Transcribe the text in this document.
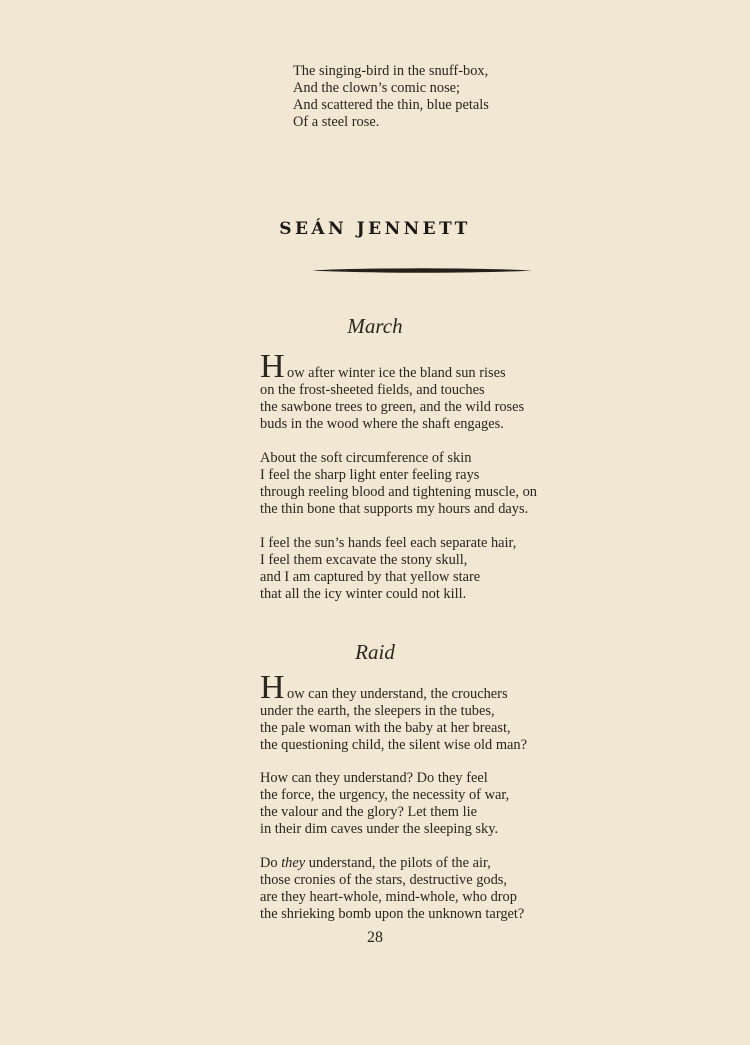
The singing-bird in the snuff-box,
And the clown’s comic nose;
And scattered the thin, blue petals
Of a steel rose.
SEÁN JENNETT
March
H ow after winter ice the bland sun rises
on the frost-sheeted fields, and touches
the sawbone trees to green, and the wild roses
buds in the wood where the shaft engages.
About the soft circumference of skin
I feel the sharp light enter feeling rays
through reeling blood and tightening muscle, on
the thin bone that supports my hours and days.
I feel the sun’s hands feel each separate hair,
I feel them excavate the stony skull,
and I am captured by that yellow stare
that all the icy winter could not kill.
Raid
H ow can they understand, the crouchers
under the earth, the sleepers in the tubes,
the pale woman with the baby at her breast,
the questioning child, the silent wise old man?
How can they understand? Do they feel
the force, the urgency, the necessity of war,
the valour and the glory? Let them lie
in their dim caves under the sleeping sky.
Do they understand, the pilots of the air,
those cronies of the stars, destructive gods,
are they heart-whole, mind-whole, who drop
the shrieking bomb upon the unknown target?
28
